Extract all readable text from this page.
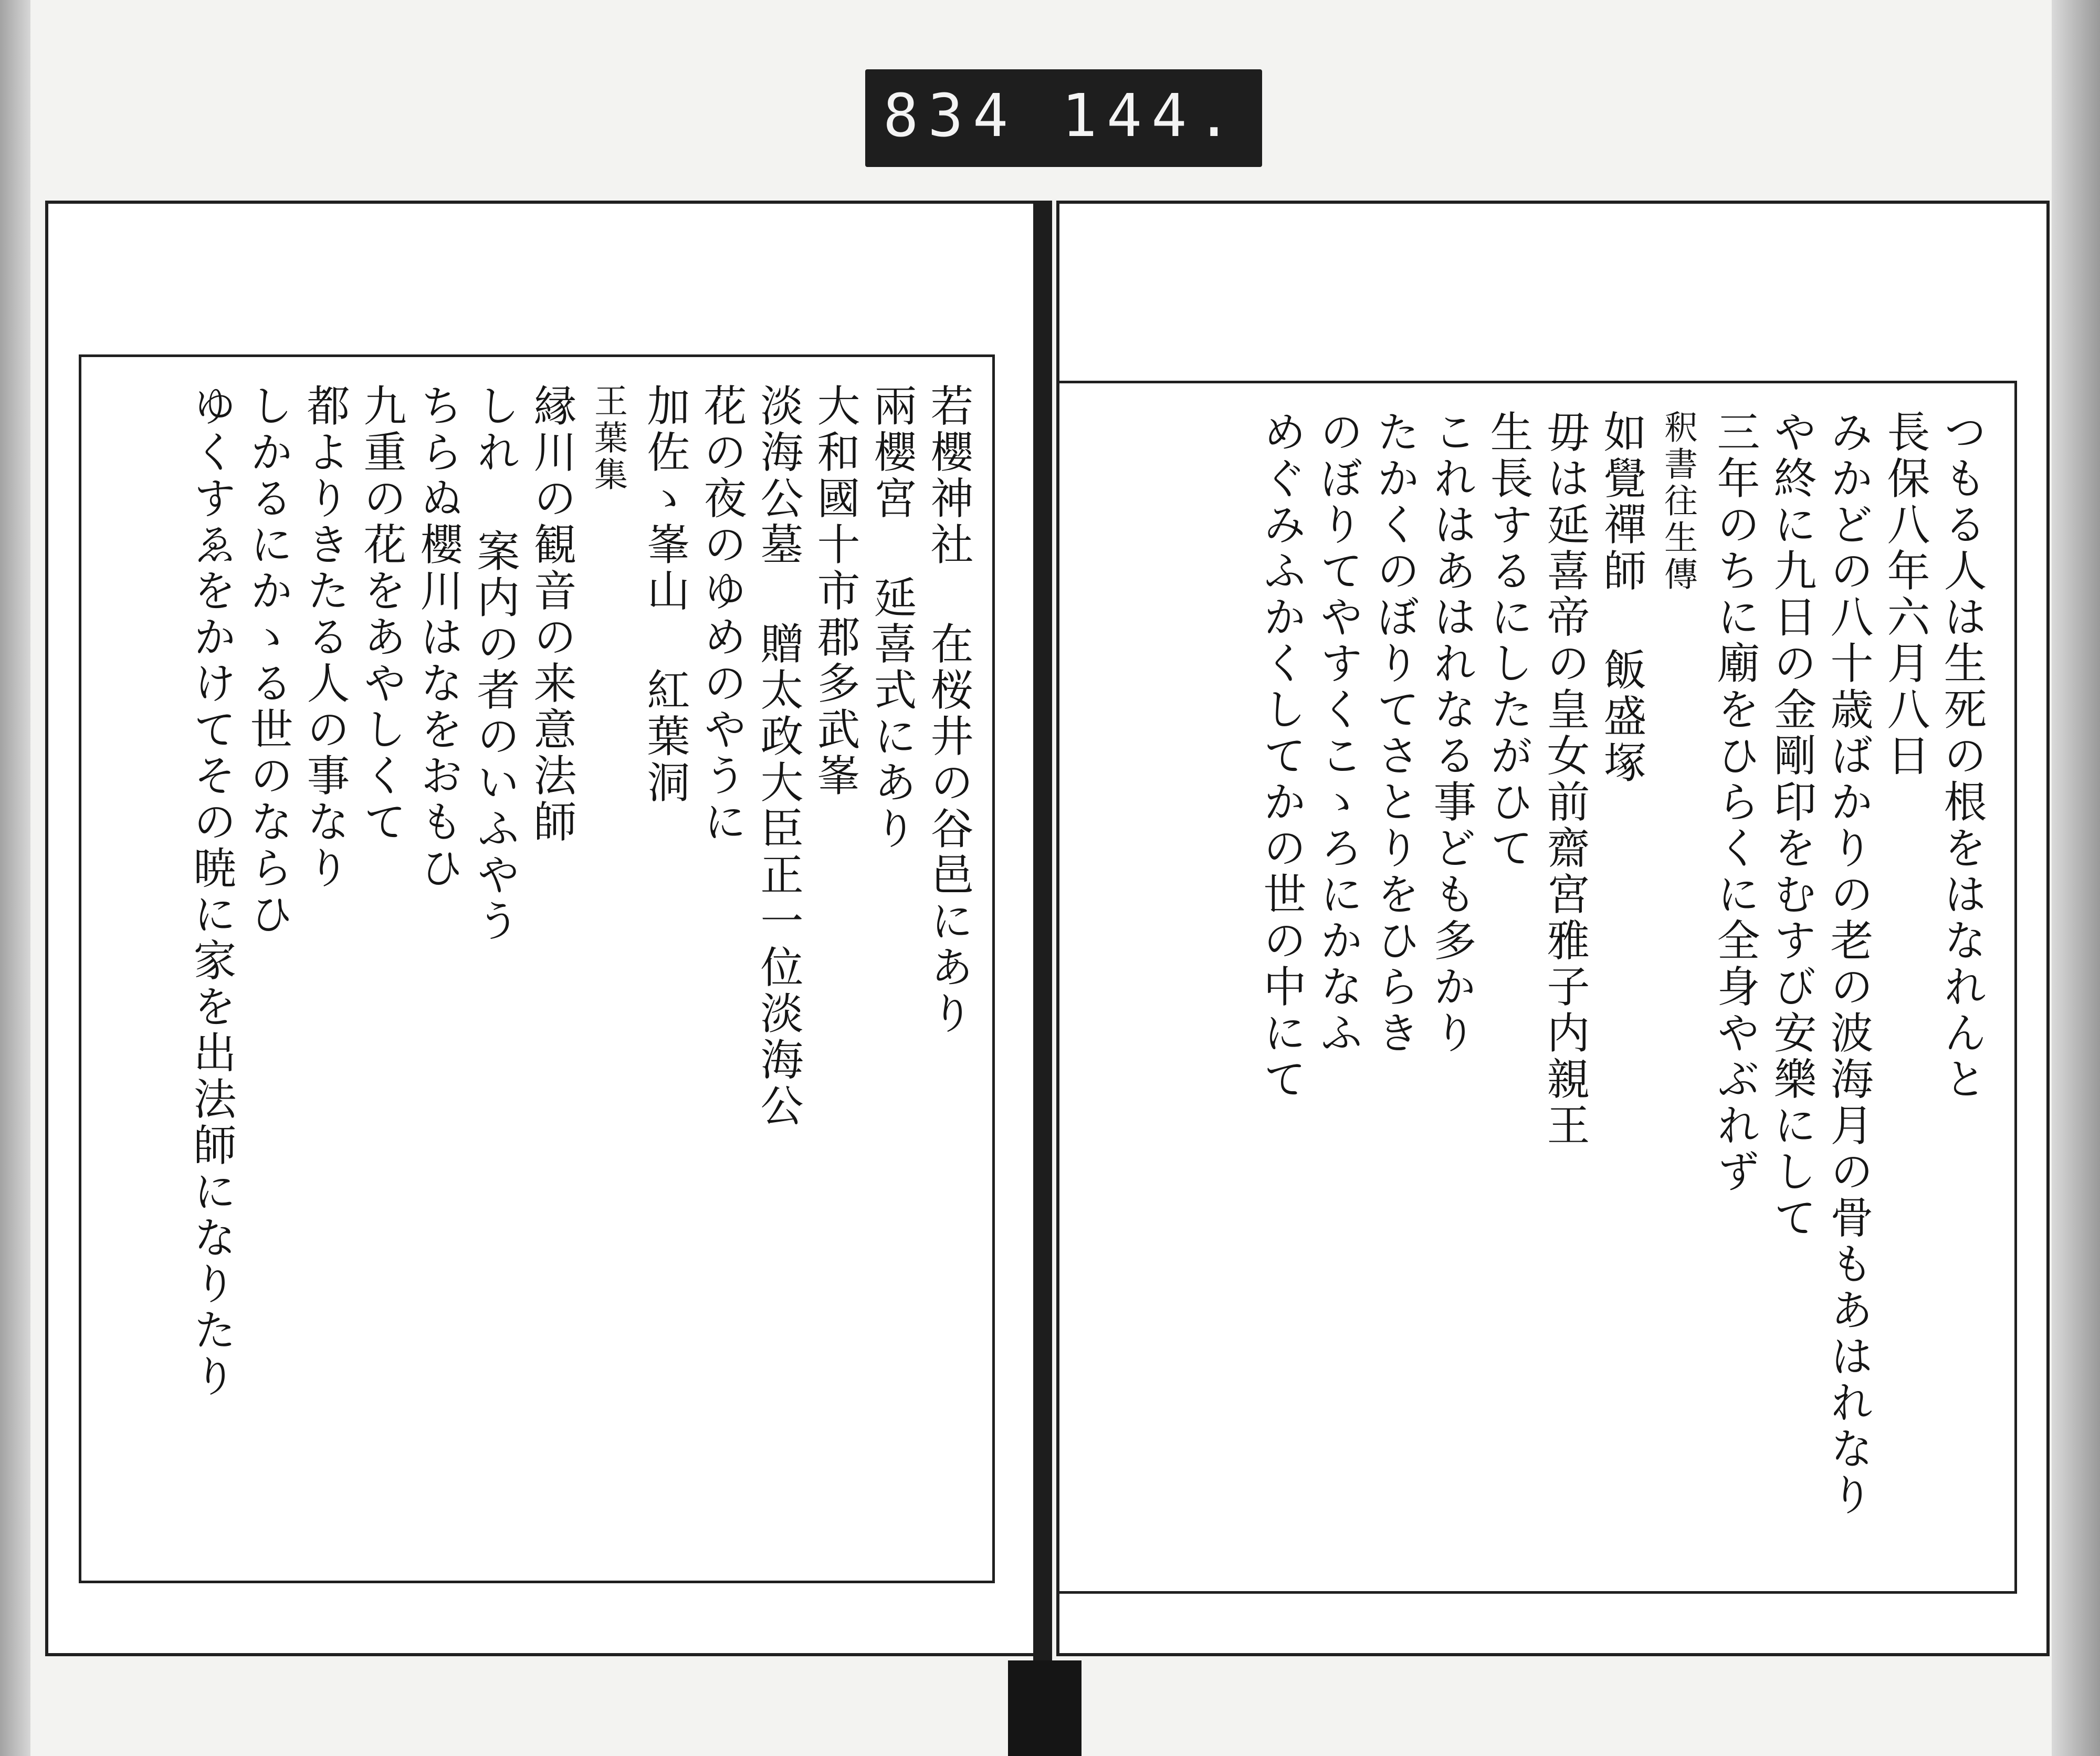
834 144.
若櫻神社 在桜井の谷邑にあり
兩櫻宮 延喜式にあり
大和國十市郡多武峯
淡海公墓 贈太政大臣正一位淡海公
花の夜のゆめのやうに
加佐ゝ峯山 紅葉洞
王葉集
縁川の観音の来意法師
しれ 案内の者のいふやう
ちらぬ櫻川はなをおもひ
九重の花をあやしくて
都よりきたる人の事なり
しかるにかゝる世のならひ
ゆくすゑをかけてその暁に家を出法師になりたり	つもる人は生死の根をはなれんと
長保八年六月八日
みかどの八十歳ばかりの老の波海月の骨もあはれなり
や終に九日の金剛印をむすび安樂にして
三年のちに廟をひらくに全身やぶれず
釈書往生傳
如覺禪師 飯盛塚
毋は延喜帝の皇女前齋宮雅子内親王
生長するにしたがひて
これはあはれなる事ども多かり
たかくのぼりてさとりをひらき
のぼりてやすくこゝろにかなふ
めぐみふかくしてかの世の中にて
